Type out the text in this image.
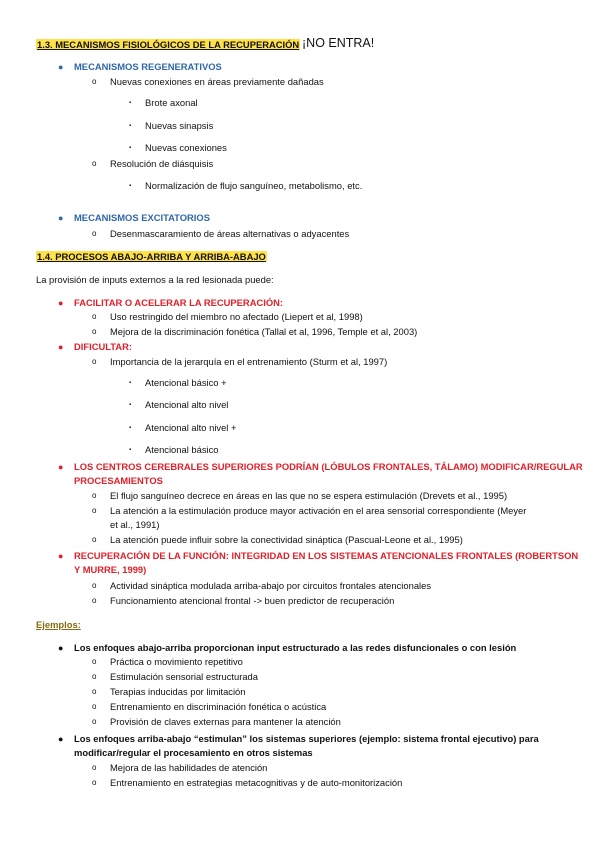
1.3. MECANISMOS FISIOLÓGICOS DE LA RECUPERACIÓN ¡NO ENTRA!
● MECANISMOS REGENERATIVOS
o Nuevas conexiones en áreas previamente dañadas
▪ Brote axonal
▪ Nuevas sinapsis
▪ Nuevas conexiones
o Resolución de diásquisis
▪ Normalización de flujo sanguíneo, metabolismo, etc.
● MECANISMOS EXCITATORIOS
o Desenmascaramiento de áreas alternativas o adyacentes
1.4. PROCESOS ABAJO-ARRIBA Y ARRIBA-ABAJO
La provisión de inputs externos a la red lesionada puede:
● FACILITAR O ACELERAR LA RECUPERACIÓN:
o Uso restringido del miembro no afectado (Liepert et al, 1998)
o Mejora de la discriminación fonética (Tallal et al, 1996, Temple et al, 2003)
● DIFICULTAR:
o Importancia de la jerarquía en el entrenamiento (Sturm et al, 1997)
▪ Atencional básico +
▪ Atencional alto nivel
▪ Atencional alto nivel +
▪ Atencional básico
● LOS CENTROS CEREBRALES SUPERIORES PODRÍAN (LÓBULOS FRONTALES, TÁLAMO) MODIFICAR/REGULAR
PROCESAMIENTOS
o El flujo sanguíneo decrece en áreas en las que no se espera estimulación (Drevets et al., 1995)
o La atención a la estimulación produce mayor activación en el area sensorial correspondiente (Meyer
et al., 1991)
o La atención puede influir sobre la conectividad sináptica (Pascual-Leone et al., 1995)
● RECUPERACIÓN DE LA FUNCIÓN: INTEGRIDAD EN LOS SISTEMAS ATENCIONALES FRONTALES (ROBERTSON
Y MURRE, 1999)
o Actividad sináptica modulada arriba-abajo por circuitos frontales atencionales
o Funcionamiento atencional frontal -> buen predictor de recuperación
Ejemplos:
● Los enfoques abajo-arriba proporcionan input estructurado a las redes disfuncionales o con lesión
o Práctica o movimiento repetitivo
o Estimulación sensorial estructurada
o Terapias inducidas por limitación
o Entrenamiento en discriminación fonética o acústica
o Provisión de claves externas para mantener la atención
● Los enfoques arriba-abajo “estimulan” los sistemas superiores (ejemplo: sistema frontal ejecutivo) para
modificar/regular el procesamiento en otros sistemas
o Mejora de las habilidades de atención
o Entrenamiento en estrategias metacognitivas y de auto-monitorización
